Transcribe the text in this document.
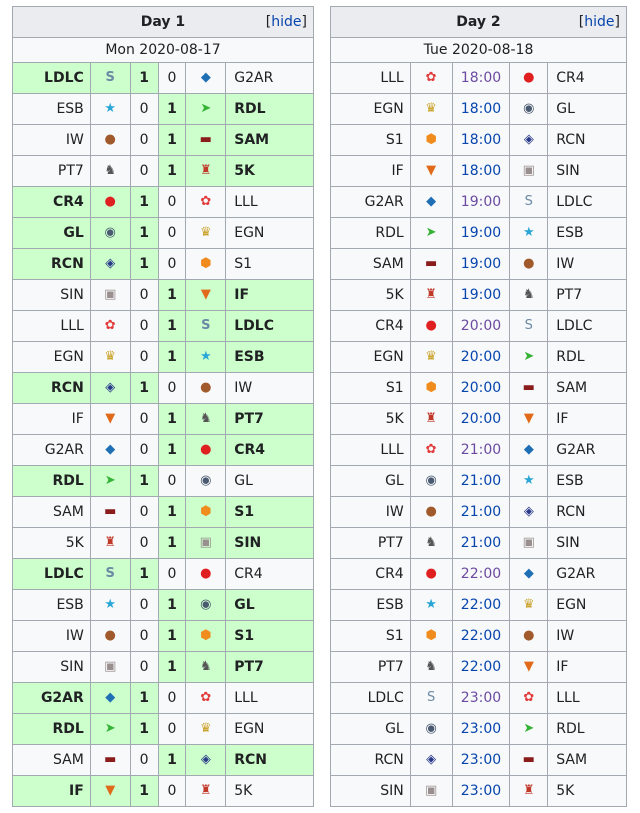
Day 1 [hide]					

Mon 2020-08-17					
LDLC	S	1	0	◆	G2AR
ESB	★	0	1	➤	RDL
IW	●	0	1	▬	SAM
PT7	♞	0	1	♜	5K
CR4	●	1	0	✿	LLL
GL	◉	1	0	♛	EGN
RCN	◈	1	0	⬢	S1
SIN	▣	0	1	▼	IF
LLL	✿	0	1	S	LDLC
EGN	♛	0	1	★	ESB
RCN	◈	1	0	●	IW
IF	▼	0	1	♞	PT7
G2AR	◆	0	1	●	CR4
RDL	➤	1	0	◉	GL
SAM	▬	0	1	⬢	S1
5K	♜	0	1	▣	SIN
LDLC	S	1	0	●	CR4
ESB	★	0	1	◉	GL
IW	●	0	1	⬢	S1
SIN	▣	0	1	♞	PT7
G2AR	◆	1	0	✿	LLL
RDL	➤	1	0	♛	EGN
SAM	▬	0	1	◈	RCN
IF	▼	1	0	♜	5K
Day 2 [hide]				

Tue 2020-08-18				
LLL	✿	18:00	●	CR4
EGN	♛	18:00	◉	GL
S1	⬢	18:00	◈	RCN
IF	▼	18:00	▣	SIN
G2AR	◆	19:00	S	LDLC
RDL	➤	19:00	★	ESB
SAM	▬	19:00	●	IW
5K	♜	19:00	♞	PT7
CR4	●	20:00	S	LDLC
EGN	♛	20:00	➤	RDL
S1	⬢	20:00	▬	SAM
5K	♜	20:00	▼	IF
LLL	✿	21:00	◆	G2AR
GL	◉	21:00	★	ESB
IW	●	21:00	◈	RCN
PT7	♞	21:00	▣	SIN
CR4	●	22:00	◆	G2AR
ESB	★	22:00	♛	EGN
S1	⬢	22:00	●	IW
PT7	♞	22:00	▼	IF
LDLC	S	23:00	✿	LLL
GL	◉	23:00	➤	RDL
RCN	◈	23:00	▬	SAM
SIN	▣	23:00	♜	5K
